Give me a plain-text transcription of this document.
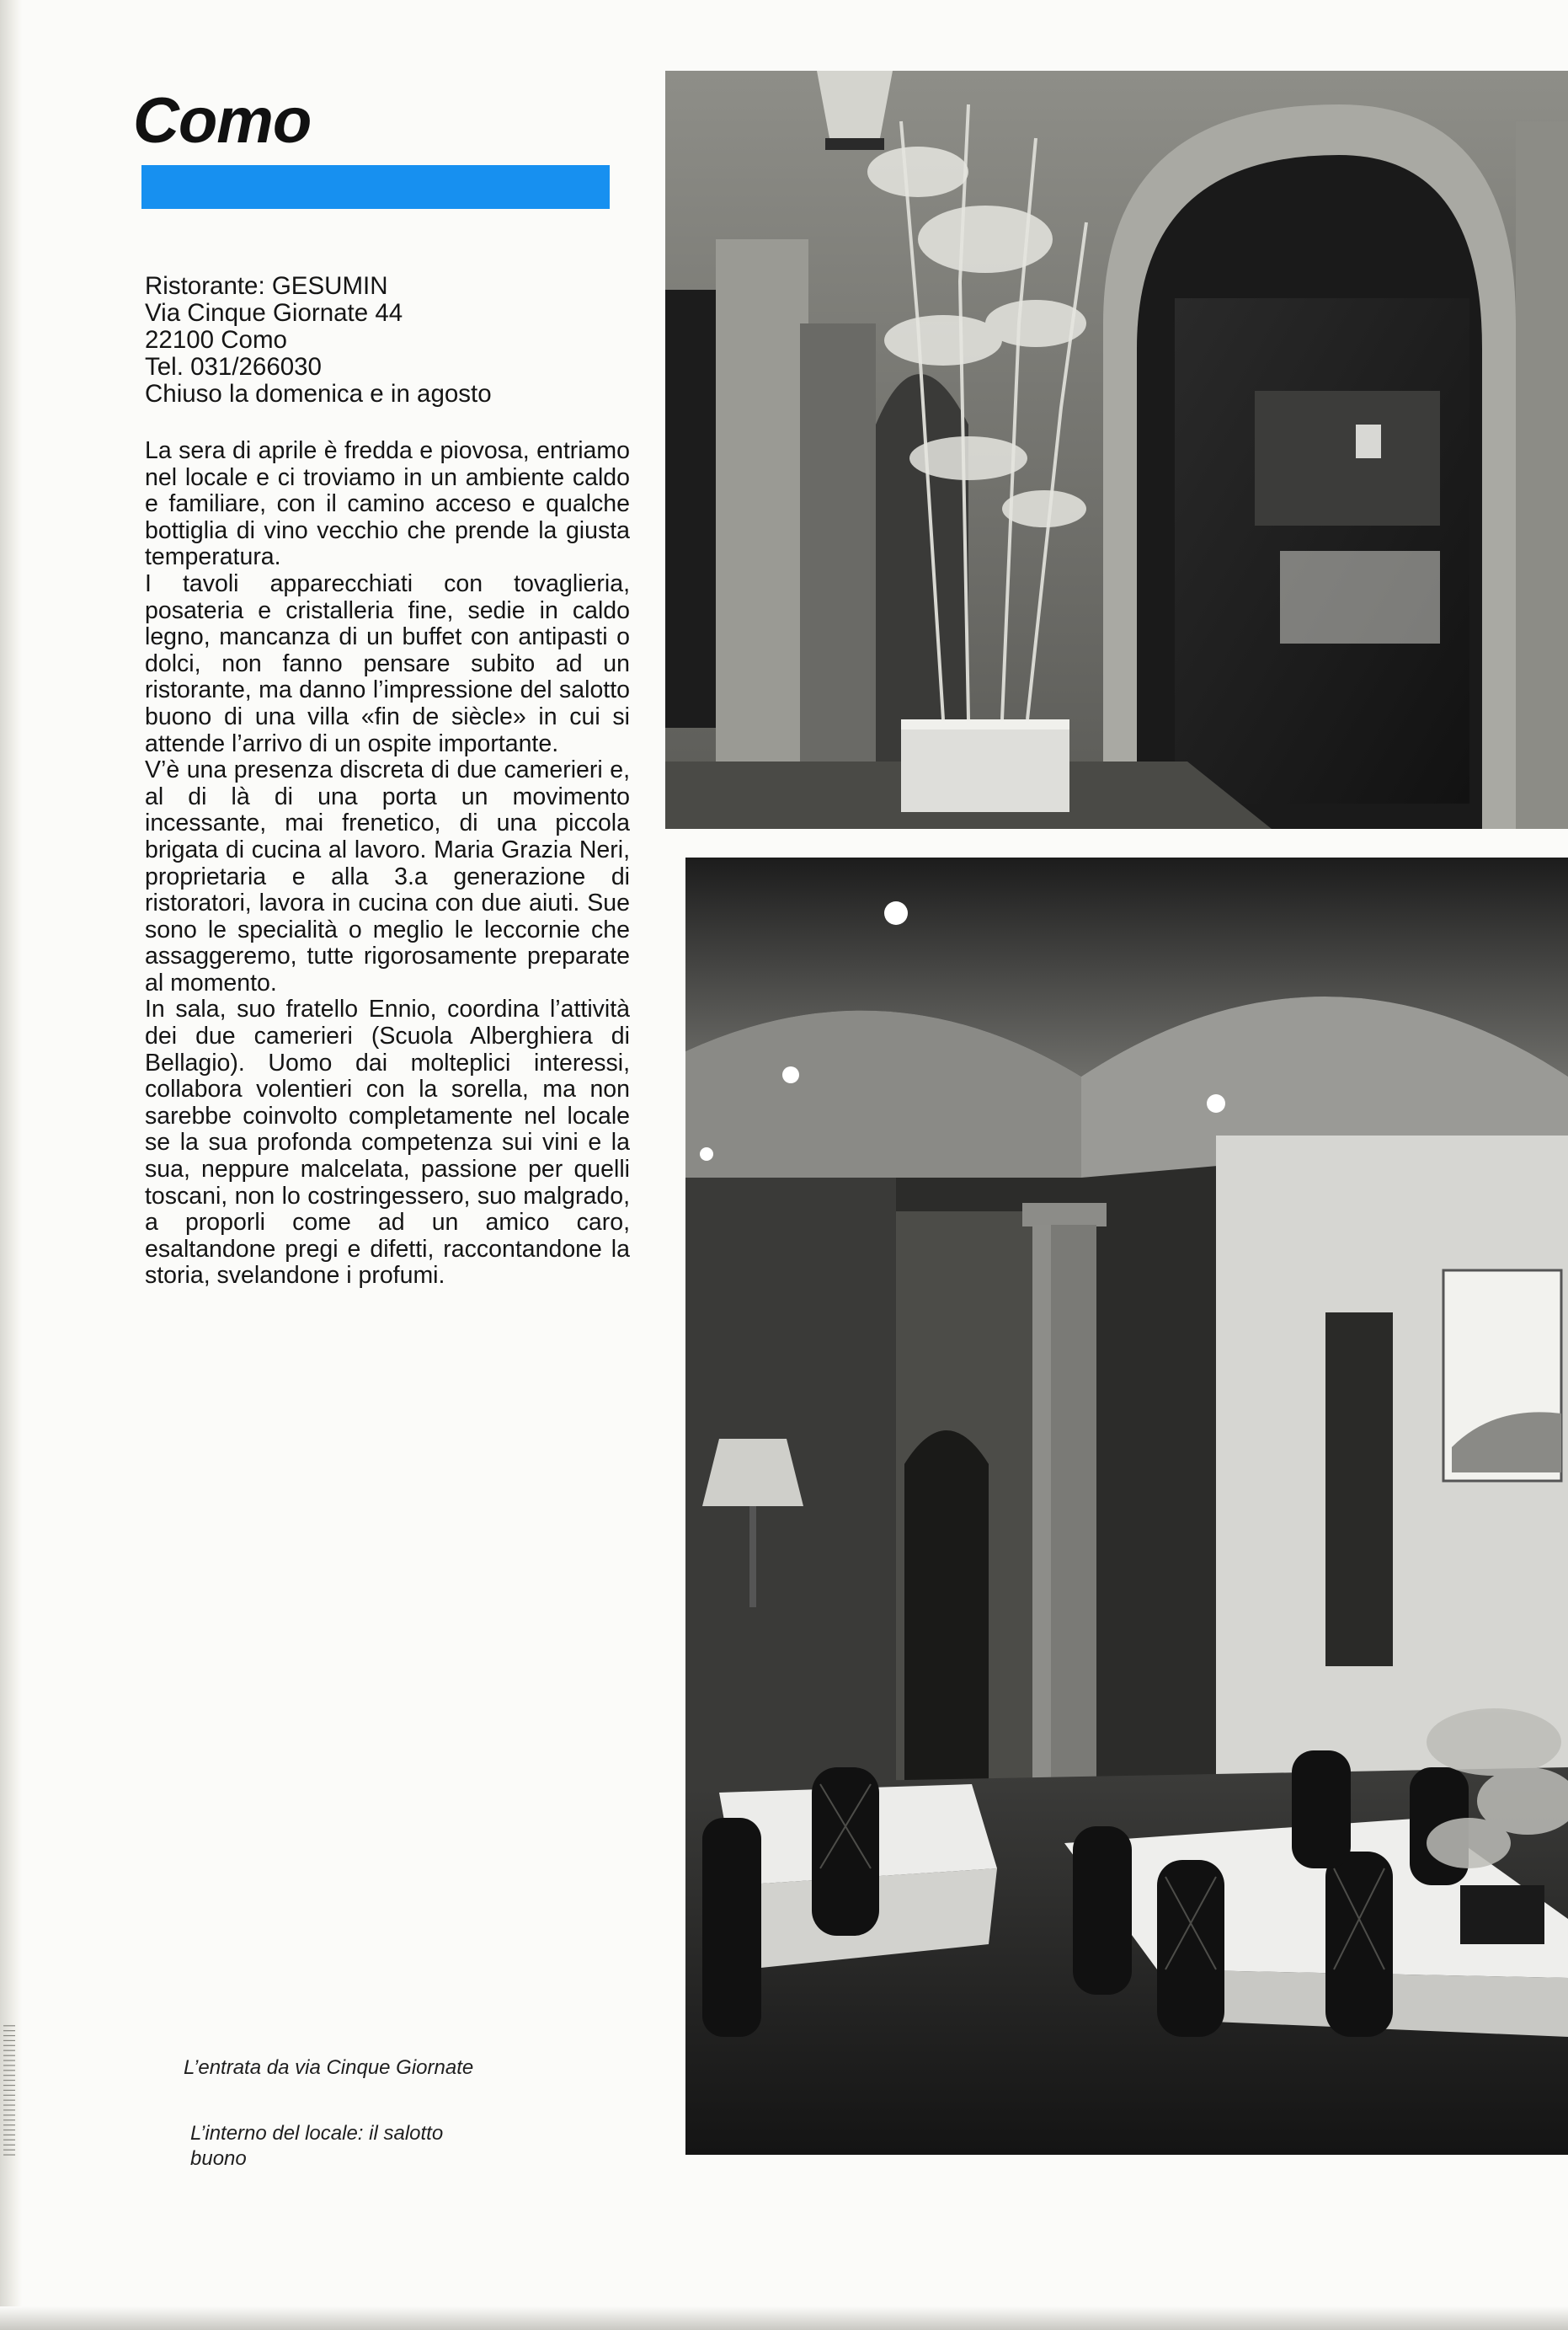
|||||||||||||||||||||||||||
Como
Ristorante: GESUMIN
Via Cinque Giornate 44
22100 Como
Tel. 031/266030
Chiuso la domenica e in agosto

La sera di aprile è fredda e piovosa, entriamo nel locale e ci troviamo in un ambiente caldo e familiare, con il camino acceso e qualche bottiglia di vino vecchio che prende la giusta temperatura.

I tavoli apparecchiati con tovaglieria, posateria e cristalleria fine, sedie in caldo legno, mancanza di un buffet con antipasti o dolci, non fanno pensare subito ad un ristorante, ma danno l’impressione del salotto buono di una villa «fin de siècle» in cui si attende l’arrivo di un ospite importante.

V’è una presenza discreta di due camerieri e, al di là di una porta un movimento incessante, mai frenetico, di una piccola brigata di cucina al lavoro. Maria Grazia Neri, proprietaria e alla 3.a generazione di ristoratori, lavora in cucina con due aiuti. Sue sono le specialità o meglio le leccornie che assaggeremo, tutte rigorosamente preparate al momento.

In sala, suo fratello Ennio, coordina l’attività dei due camerieri (Scuola Alberghiera di Bellagio). Uomo dai molteplici interessi, collabora volentieri con la sorella, ma non sarebbe coinvolto completamente nel locale se la sua profonda competenza sui vini e la sua, neppure malcelata, passione per quelli toscani, non lo costringessero, suo malgrado, a proporli come ad un amico caro, esaltandone pregi e difetti, raccontandone la storia, svelandone i profumi.

L’entrata da via Cinque Giornate
L’interno del locale: il salotto buono
